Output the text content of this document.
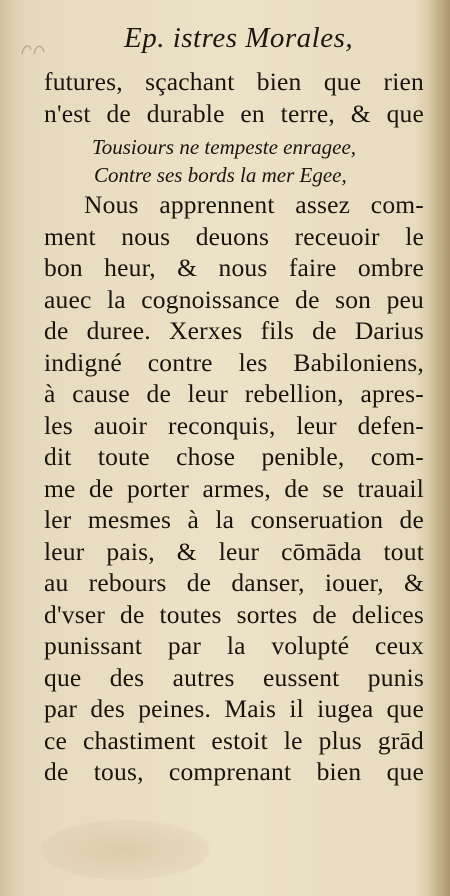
Ep. istres Morales,
futures, sçachant bien que rien
n'est de durable en terre, & que
Tousiours ne tempeste enragee,
Contre ses bords la mer Egee,
Nous apprennent assez com-
ment nous deuons receuoir le
bon heur, & nous faire ombre
auec la cognoissance de son peu
de duree. Xerxes fils de Darius
indigné contre les Babiloniens,
à cause de leur rebellion, apres-
les auoir reconquis, leur defen-
dit toute chose penible, com-
me de porter armes, de se trauail
ler mesmes à la conseruation de
leur pais, & leur cōmāda tout
au rebours de danser, iouer, &
d'vser de toutes sortes de delices
punissant par la volupté ceux
que des autres eussent punis
par des peines. Mais il iugea que
ce chastiment estoit le plus grād
de tous, comprenant bien que
